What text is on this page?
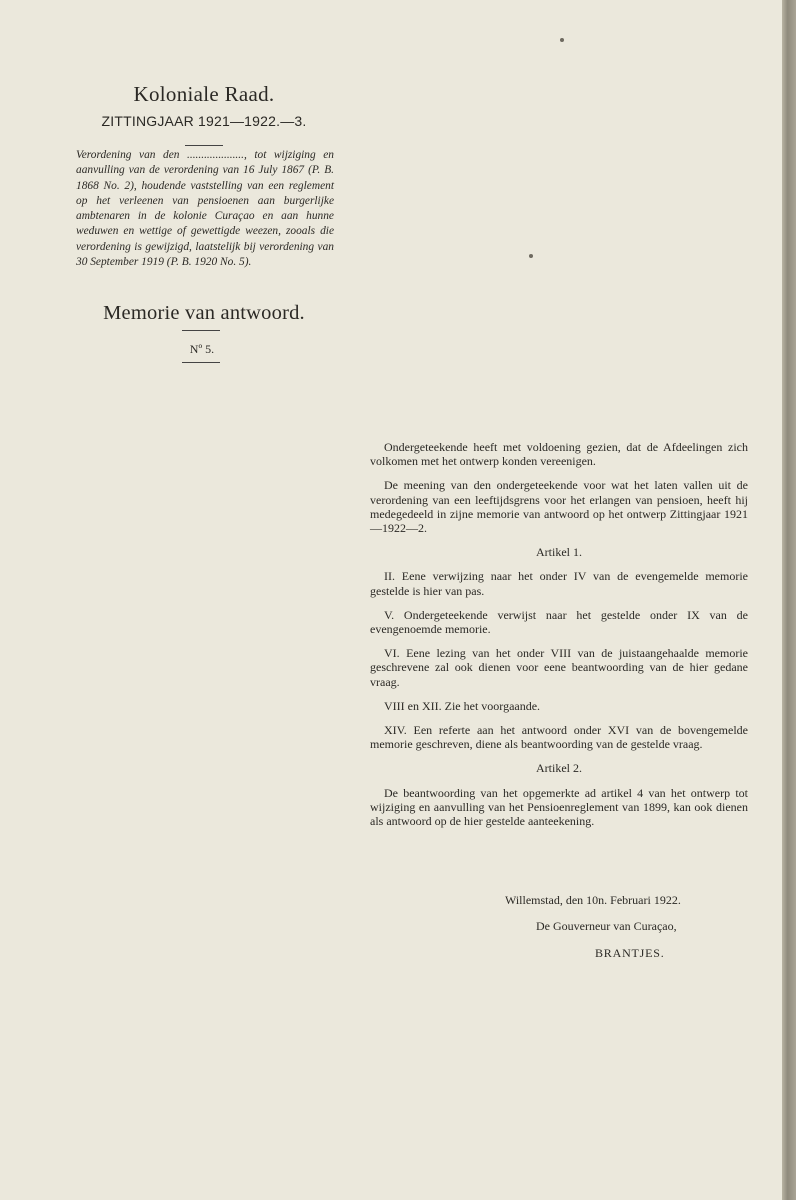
Koloniale Raad.
ZITTINGJAAR 1921—1922.—3.
Verordening van den ...................., tot wijziging en aanvulling van de verordening van 16 July 1867 (P. B. 1868 No. 2), houdende vaststelling van een reglement op het verleenen van pensioenen aan burgerlijke ambtenaren in de kolonie Curaçao en aan hunne weduwen en wettige of gewettigde weezen, zooals die verordening is gewijzigd, laatstelijk bij verordening van 30 September 1919 (P. B. 1920 No. 5).
Memorie van antwoord.
Nº 5.

Ondergeteekende heeft met voldoening gezien, dat de Afdeelingen zich volkomen met het ontwerp konden vereenigen.

De meening van den ondergeteekende voor wat het laten vallen uit de verordening van een leeftijdsgrens voor het erlangen van pensioen, heeft hij medegedeeld in zijne memorie van antwoord op het ontwerp Zittingjaar 1921—1922—2.

Artikel 1.

II. Eene verwijzing naar het onder IV van de evengemelde memorie gestelde is hier van pas.

V. Ondergeteekende verwijst naar het gestelde onder IX van de evengenoemde memorie.

VI. Eene lezing van het onder VIII van de juistaangehaalde memorie geschrevene zal ook dienen voor eene beantwoording van de hier gedane vraag.

VIII en XII. Zie het voorgaande.

XIV. Een referte aan het antwoord onder XVI van de bovengemelde memorie geschreven, diene als beantwoording van de gestelde vraag.

Artikel 2.

De beantwoording van het opgemerkte ad artikel 4 van het ontwerp tot wijziging en aanvulling van het Pensioenreglement van 1899, kan ook dienen als antwoord op de hier gestelde aanteekening.

Willemstad, den 10n. Februari 1922.
De Gouverneur van Curaçao,
BRANTJES.
